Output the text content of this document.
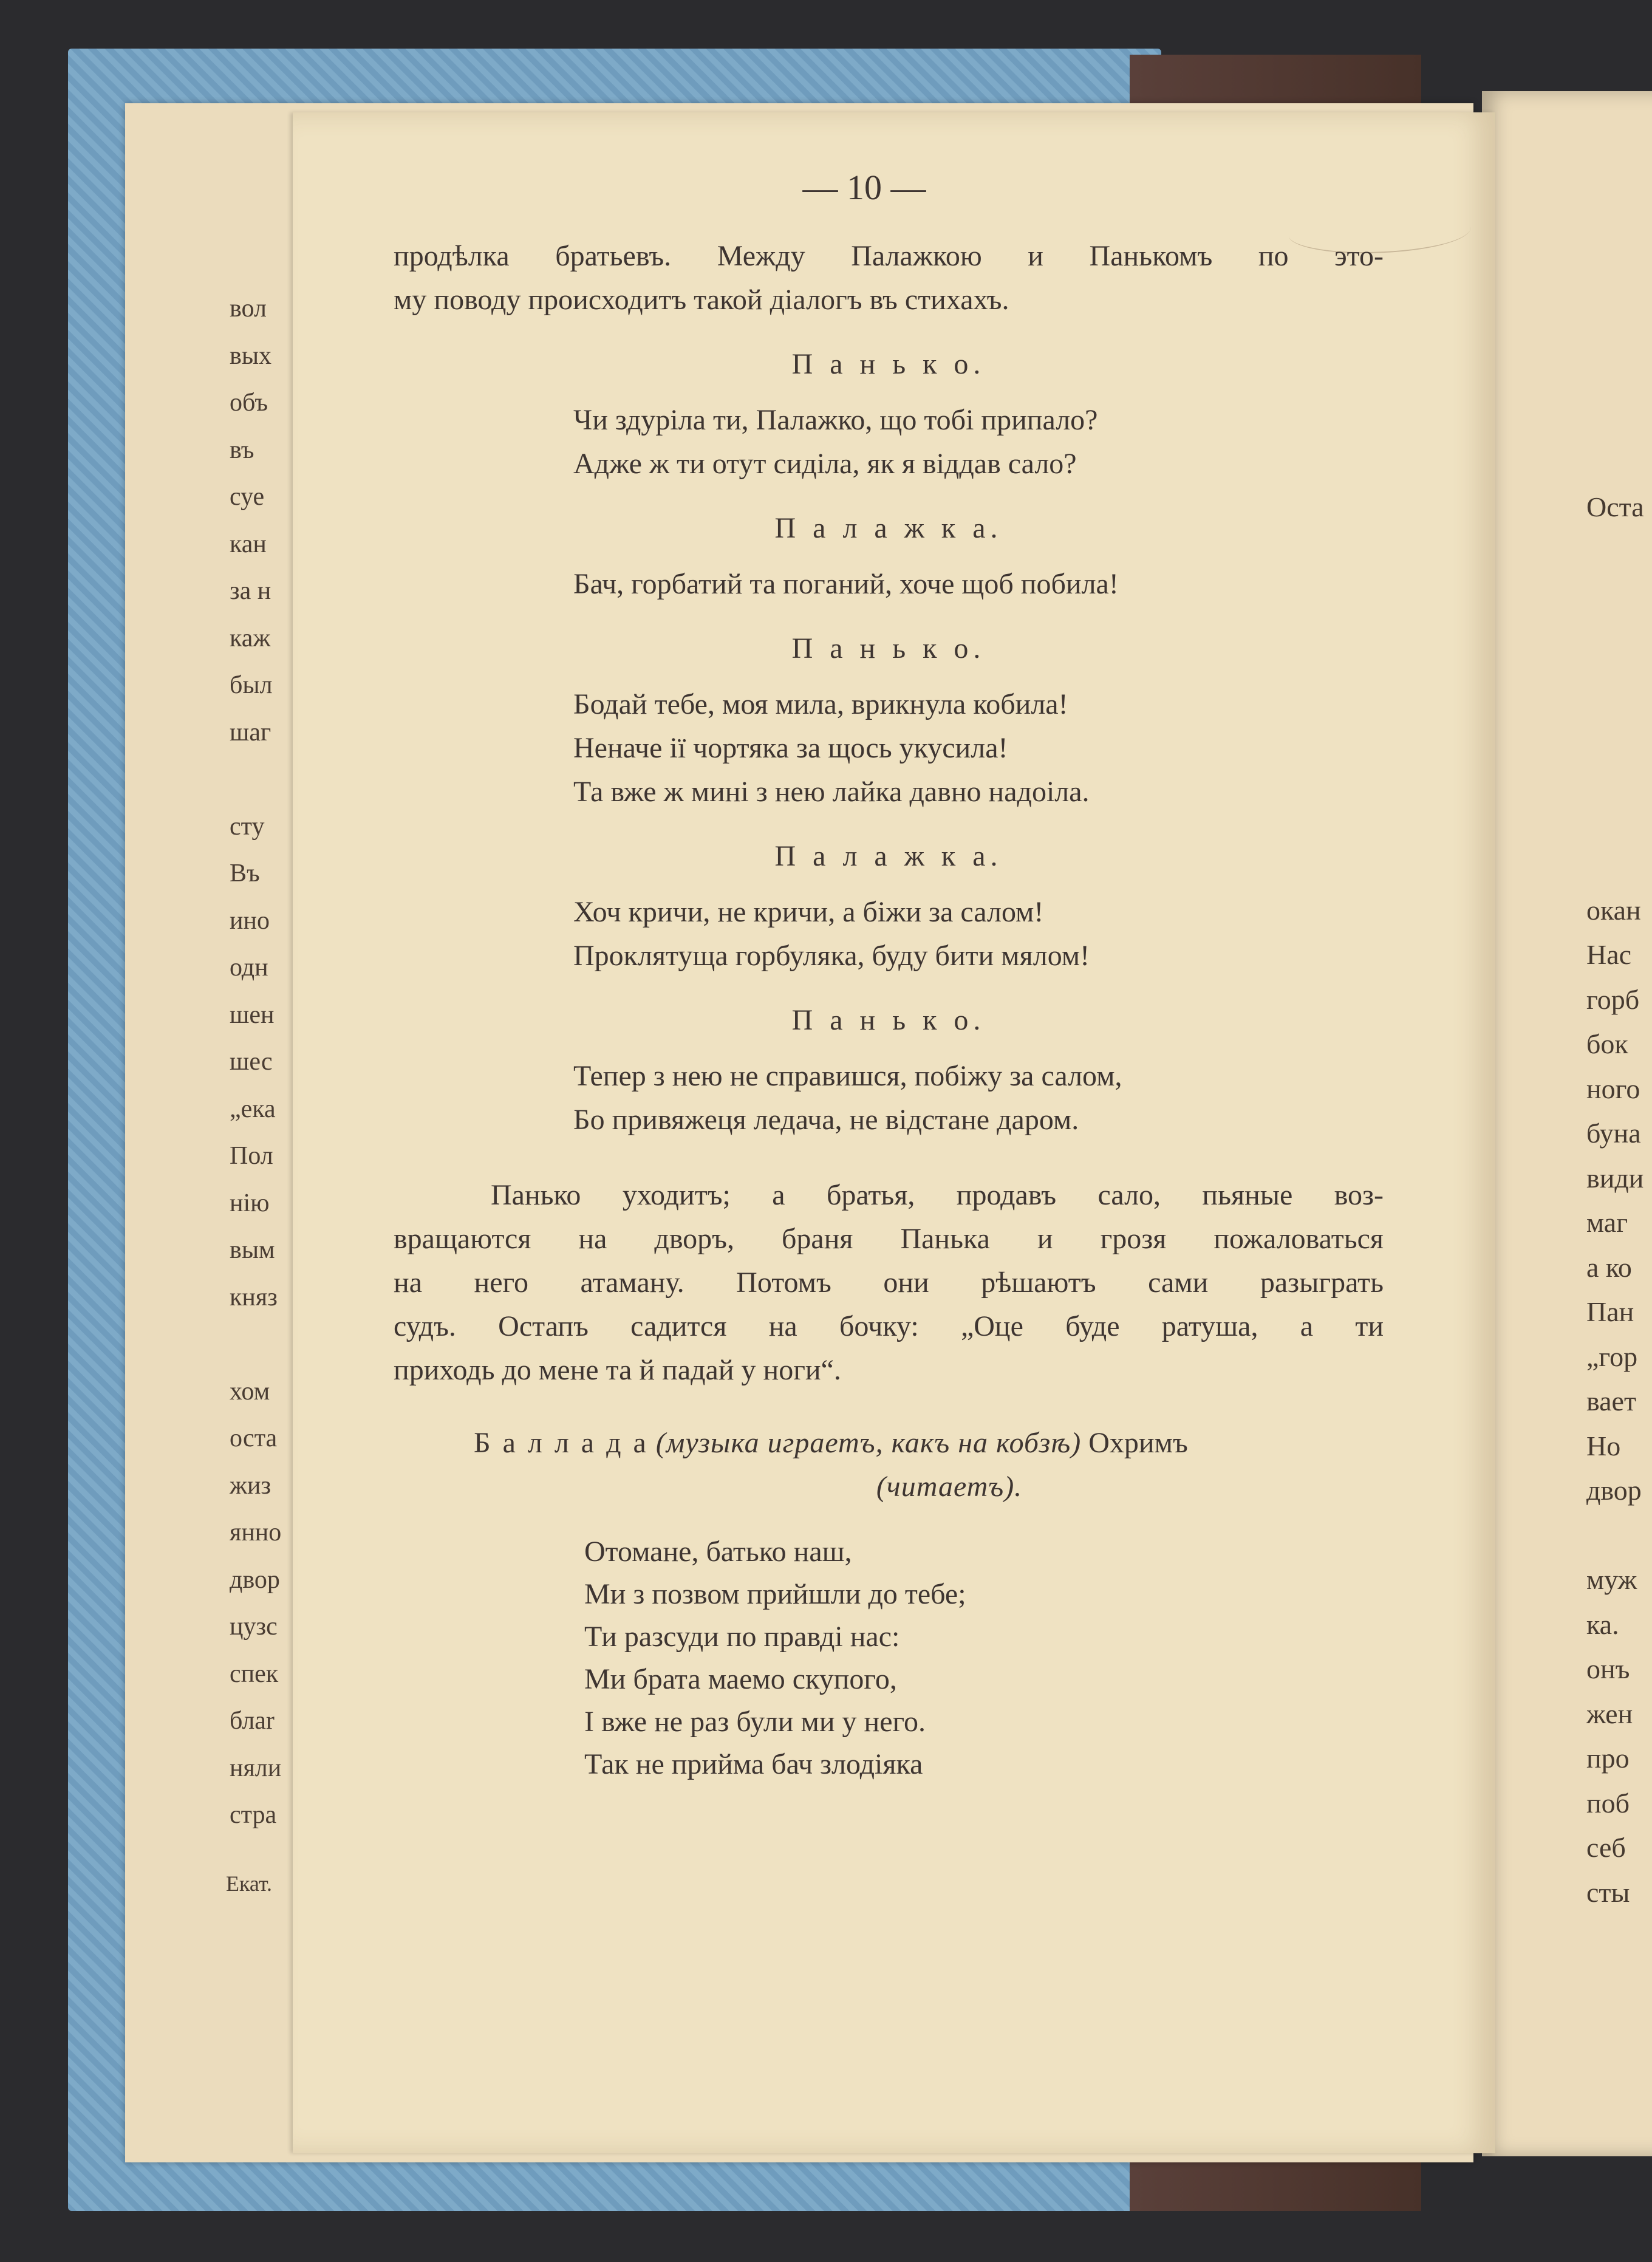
вол
вых
объ
въ
суе
кан
за н
каж
был
шаг
сту
Въ
ино
одн
шен
шес
„ека
Пол
нію
вым
княз
хом
оста
жиз
янно
двор
цузс
спек
блаr
няли
стра
Екат.
Оста
окан
Нас
горб
бок
ного
буна
види
маг
а ко
Пан
„гор
вает
Но
двор
муж
ка.
онъ
жен
про
поб
себ
сты
— 10 —
продѣлка братьевъ. Между Палажкою и Панькомъ по это-
му поводу происходитъ такой діалогъ въ стихахъ.
П а н ь к о.
Чи здуріла ти, Палажко, що тобі припало?
Адже ж ти отут сиділа, як я віддав сало?
П а л а ж к а.
Бач, горбатий та поганий, хоче щоб побила!
П а н ь к о.
Бодай тебе, моя мила, врикнула кобила!
Неначе ії чортяка за щось укусила!
Та вже ж мині з нею лайка давно надоіла.
П а л а ж к а.
Хоч кричи, не кричи, а біжи за салом!
Проклятуща горбуляка, буду бити мялом!
П а н ь к о.
Тепер з нею не справишся, побіжу за салом,
Бо привяжеця ледача, не відстане даром.
Панько уходитъ; а братья, продавъ сало, пьяные воз-
вращаются на дворъ, браня Панька и грозя пожаловаться
на него атаману. Потомъ они рѣшаютъ сами разыграть
судъ. Остапъ садится на бочку: „Оце буде ратуша, а ти
приходь до мене та й падай у ноги“.
Б а л л а д а (музыка играетъ, какъ на кобзѣ) Охримъ
(читаетъ).
Отомане, батько наш,
Ми з позвом прийшли до тебе;
Ти разсуди по правді нас:
Ми брата маемо скупого,
І вже не раз були ми у него.
Так не прийма бач злодіяка
